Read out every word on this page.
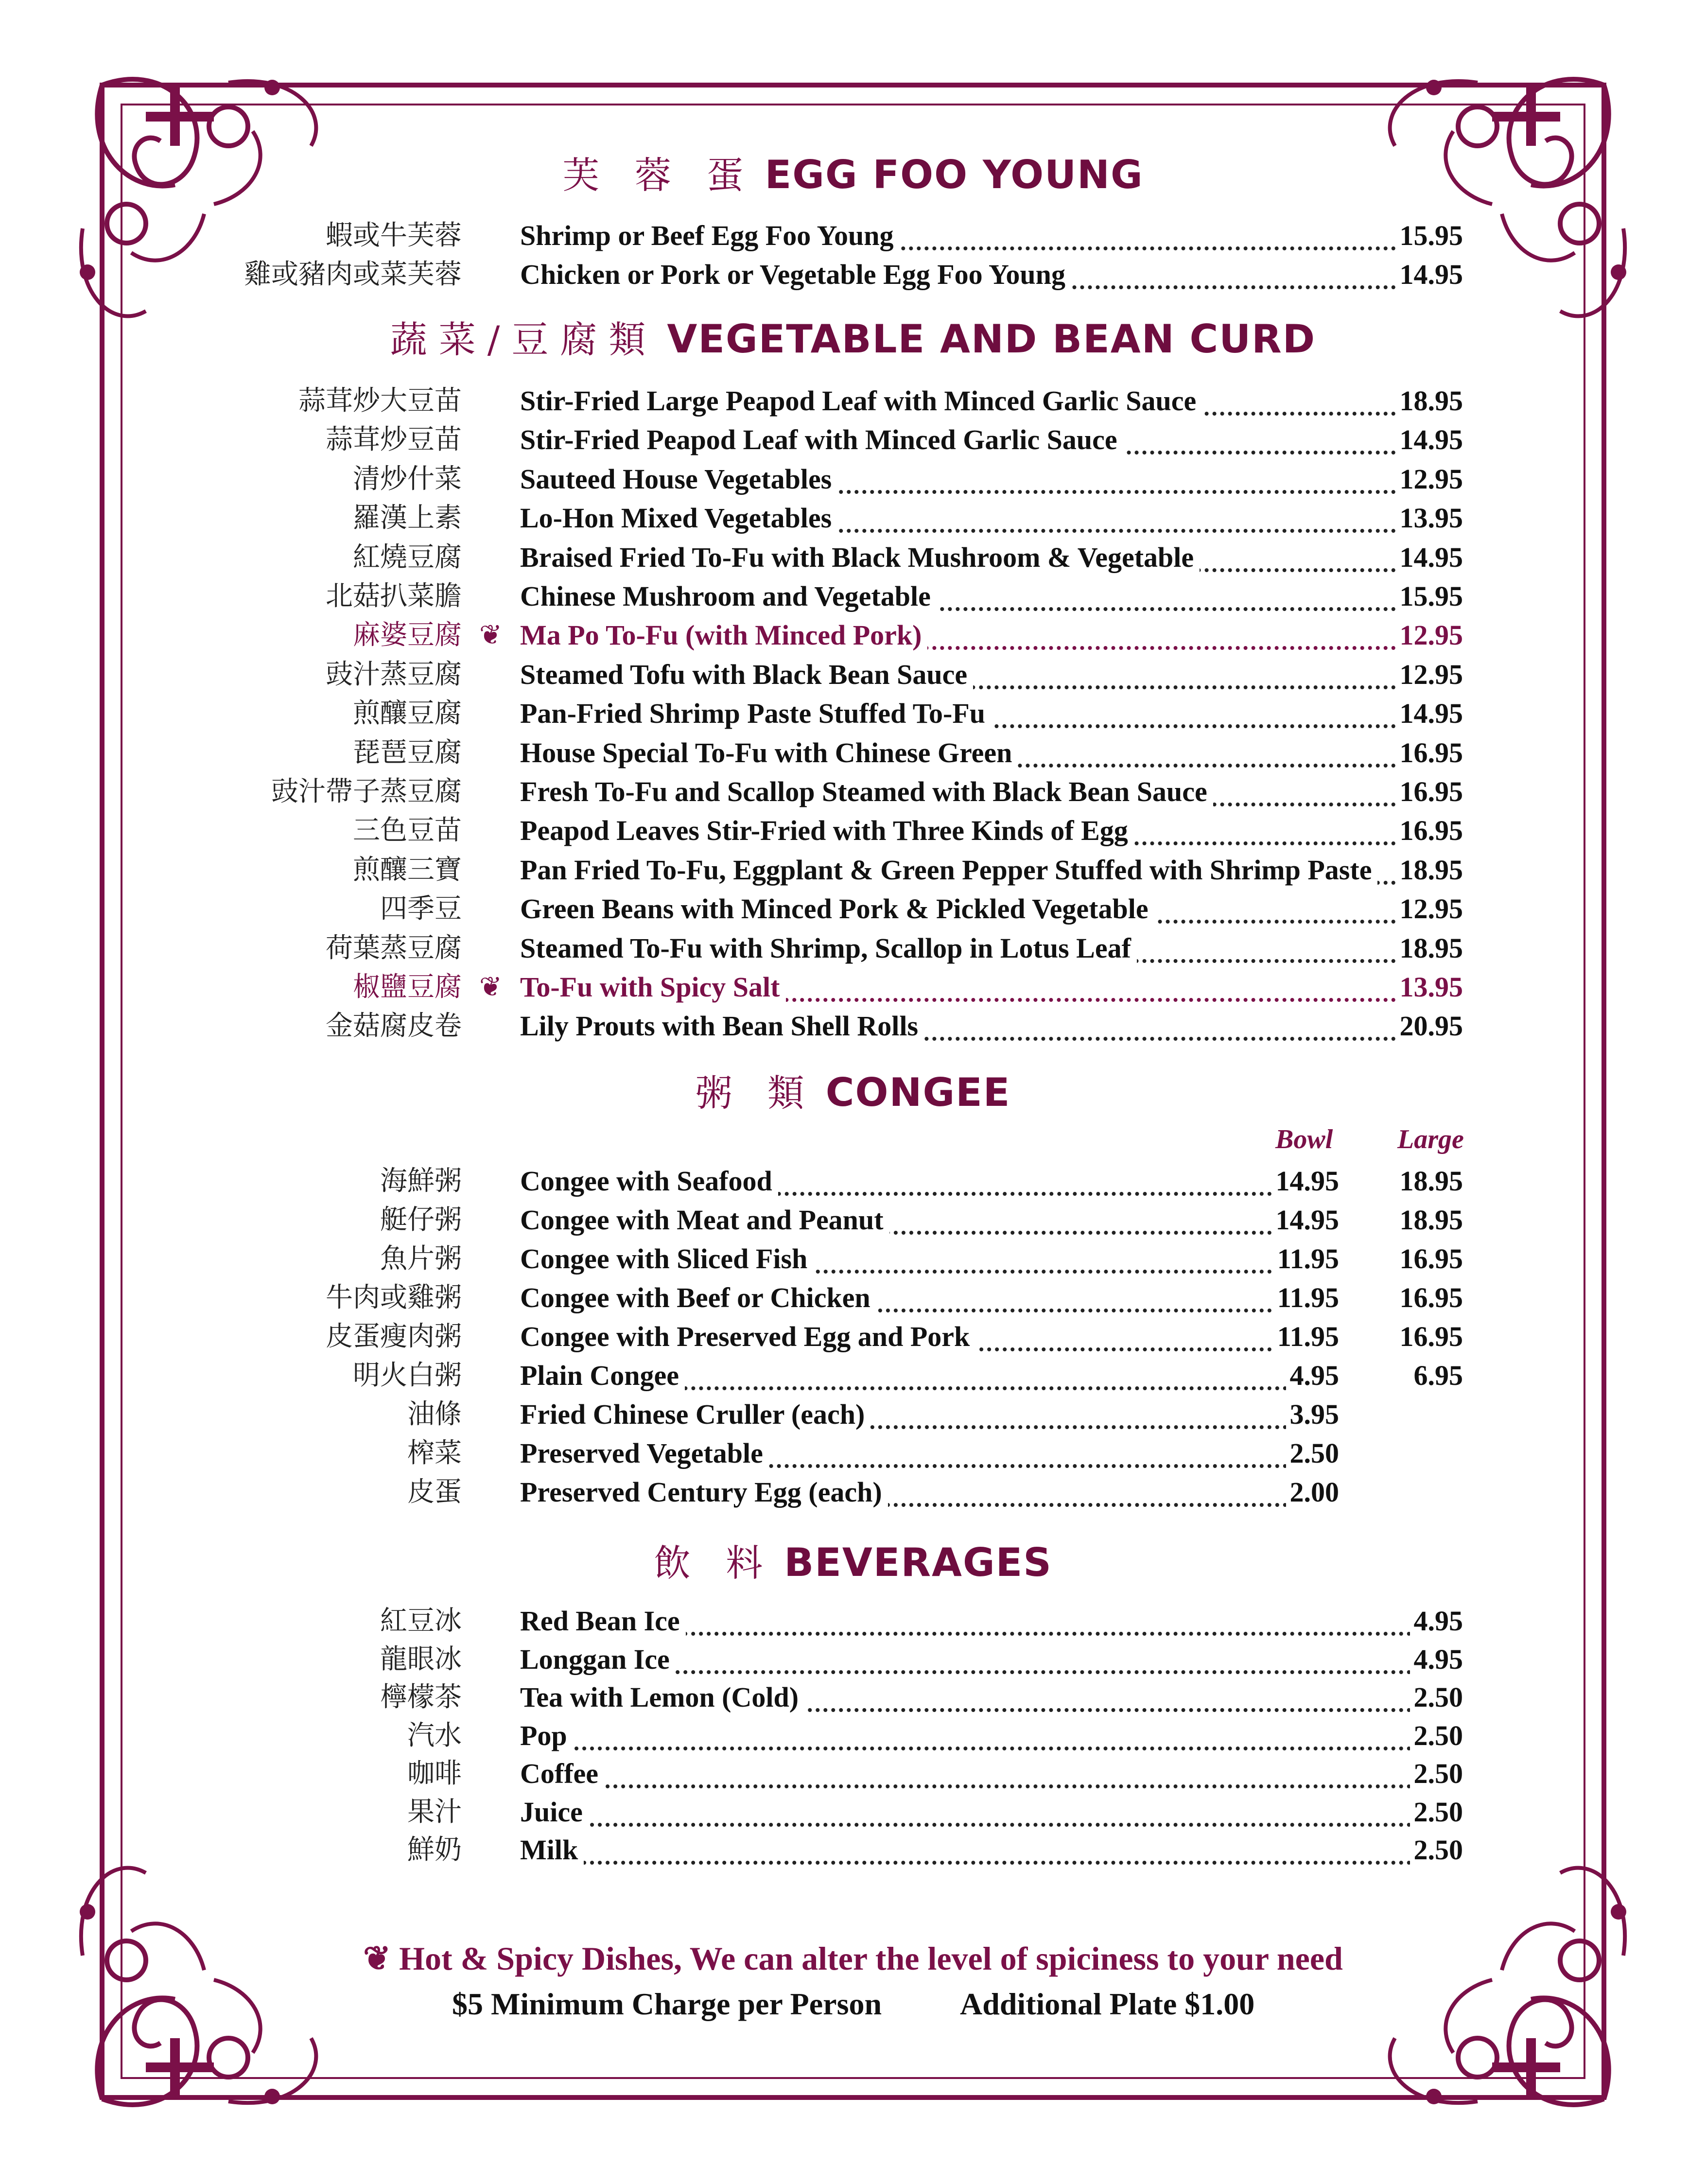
芙 蓉 蛋 EGG FOO YOUNG
蔬菜/豆腐類 VEGETABLE AND BEAN CURD
粥 類 CONGEE
Bowl Large
飲 料 BEVERAGES
蝦或牛芙蓉 Shrimp or Beef Egg Foo Young	15.95
雞或豬肉或菜芙蓉 Chicken or Pork or Vegetable Egg Foo Young	14.95
蒜茸炒大豆苗 Stir-Fried Large Peapod Leaf with Minced Garlic Sauce	18.95
蒜茸炒豆苗 Stir-Fried Peapod Leaf with Minced Garlic Sauce	14.95
清炒什菜 Sauteed House Vegetables	12.95
羅漢上素 Lo-Hon Mixed Vegetables	13.95
紅燒豆腐 Braised Fried To-Fu with Black Mushroom & Vegetable	14.95
北菇扒菜膽 Chinese Mushroom and Vegetable	15.95
麻婆豆腐 ❦ Ma Po To-Fu (with Minced Pork)	12.95
豉汁蒸豆腐 Steamed Tofu with Black Bean Sauce	12.95
煎釀豆腐 Pan-Fried Shrimp Paste Stuffed To-Fu	14.95
琵琶豆腐 House Special To-Fu with Chinese Green	16.95
豉汁帶子蒸豆腐 Fresh To-Fu and Scallop Steamed with Black Bean Sauce	16.95
三色豆苗 Peapod Leaves Stir-Fried with Three Kinds of Egg	16.95
煎釀三寶 Pan Fried To-Fu, Eggplant & Green Pepper Stuffed with Shrimp Paste 18.95
四季豆 Green Beans with Minced Pork & Pickled Vegetable	12.95
荷葉蒸豆腐 Steamed To-Fu with Shrimp, Scallop in Lotus Leaf	18.95
椒鹽豆腐 ❦ To-Fu with Spicy Salt	13.95
金菇腐皮卷 Lily Prouts with Bean Shell Rolls	20.95
海鮮粥 Congee with Seafood	14.95 18.95
艇仔粥 Congee with Meat and Peanut	14.95 18.95
魚片粥 Congee with Sliced Fish	11.95 16.95
牛肉或雞粥 Congee with Beef or Chicken	11.95 16.95
皮蛋瘦肉粥 Congee with Preserved Egg and Pork	11.95 16.95
明火白粥 Plain Congee	4.95	6.95
油條 Fried Chinese Cruller (each)	3.95
榨菜 Preserved Vegetable	2.50
皮蛋 Preserved Century Egg (each)	2.00
紅豆冰 Red Bean Ice	4.95
龍眼冰 Longgan Ice	4.95
檸檬茶 Tea with Lemon (Cold)	2.50
汽水 Pop	2.50
咖啡 Coffee	2.50
果汁 Juice	2.50
鮮奶 Milk	2.50
❦ Hot & Spicy Dishes, We can alter the level of spiciness to your need
$5 Minimum Charge per Person	Additional Plate $1.00
